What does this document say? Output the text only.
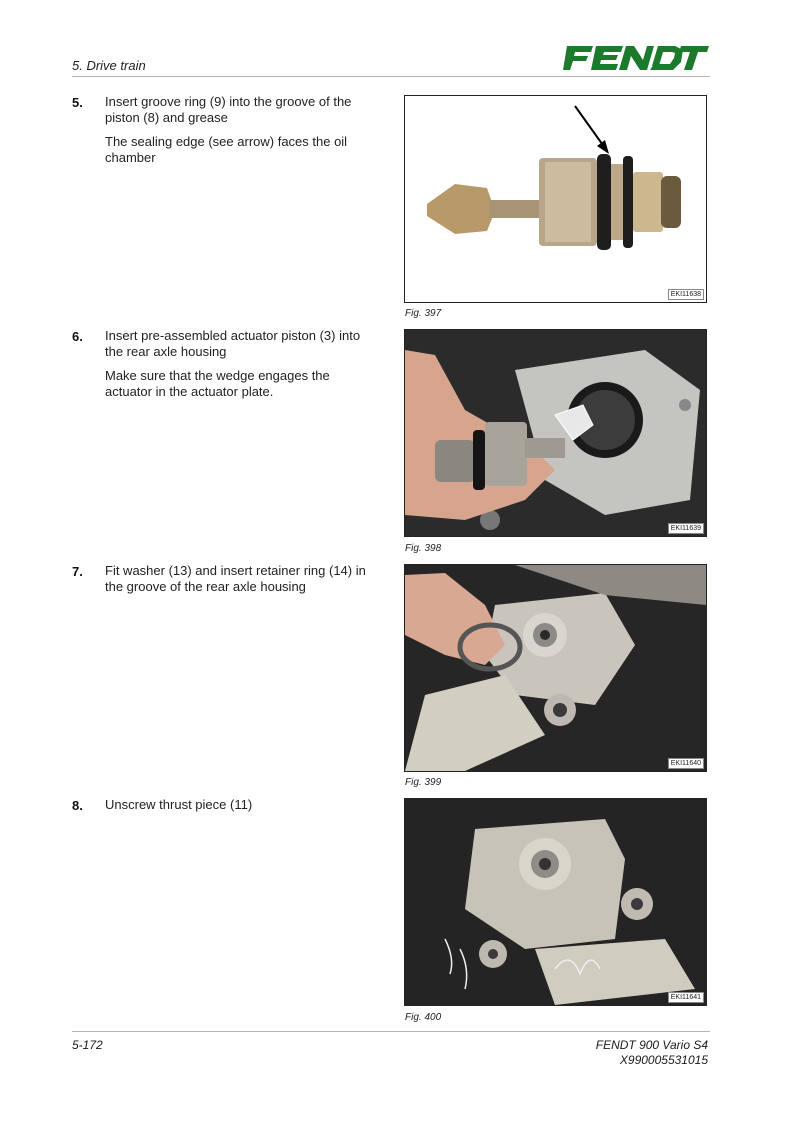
5. Drive train
5. Insert groove ring (9) into the groove of the piston (8) and grease

The sealing edge (see arrow) faces the oil chamber

EKI11638
Fig. 397
6. Insert pre-assembled actuator piston (3) into the rear axle housing

Make sure that the wedge engages the actuator in the actuator plate.

EKI11639
Fig. 398
7. Fit washer (13) and insert retainer ring (14) in the groove of the rear axle housing

EKI11640
Fig. 399
8. Unscrew thrust piece (11)

EKI11641
Fig. 400
5-172	FENDT 900 Vario S4
X990005531015
